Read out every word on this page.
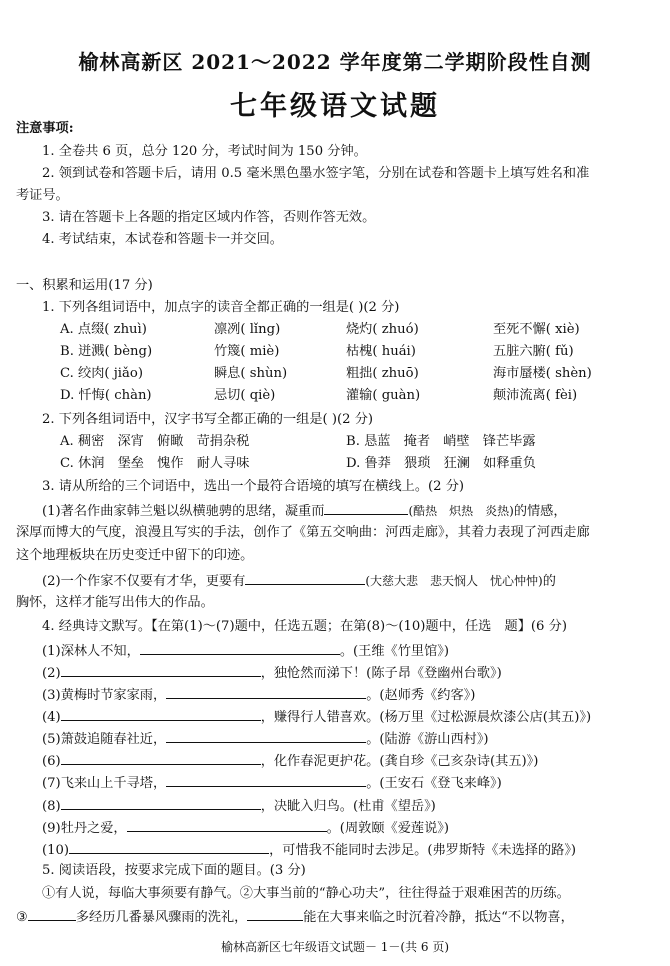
榆林高新区 2021～2022 学年度第二学期阶段性自测
七年级语文试题
注意事项:
1. 全卷共 6 页，总分 120 分，考试时间为 150 分钟。
2. 领到试卷和答题卡后，请用 0.5 毫米黑色墨水签字笔，分别在试卷和答题卡上填写姓名和准
考证号。
3. 请在答题卡上各题的指定区域内作答，否则作答无效。
4. 考试结束，本试卷和答题卡一并交回。
一、积累和运用(17 分)
1. 下列各组词语中，加点字的读音全都正确的一组是( )(2 分)
A. 点缀( zhuì)	凛冽( lǐng)	烧灼( zhuó)	至死不懈( xiè)
B. 迸溅( bèng)	竹篾( miè)	枯槐( huái)	五脏六腑( fǔ)
C. 绞肉( jiǎo)	瞬息( shùn)	粗拙( zhuō)	海市蜃楼( shèn)
D. 忏悔( chàn)	忌切( qiè)	灌输( guàn)	颠沛流离( fèi)
2. 下列各组词语中，汉字书写全都正确的一组是( )(2 分)
A. 稠密　深宵　俯瞰　苛捐杂税	B. 恳蓝　掩者　峭壁　锋芒毕露
C. 休润　堡垒　愧作　耐人寻味	D. 鲁莽　猥琐　狂澜　如释重负
3. 请从所给的三个词语中，选出一个最符合语境的填写在横线上。(2 分)
(1)著名作曲家韩兰魁以纵横驰骋的思绪，凝重而	(酷热　炽热　炎热)的情感，
深厚而博大的气度，浪漫且写实的手法，创作了《第五交响曲：河西走廊》，其着力表现了河西走廊
这个地理板块在历史变迁中留下的印迹。
(2)一个作家不仅要有才华，更要有	(大慈大悲　悲天悯人　忧心忡忡)的
胸怀，这样才能写出伟大的作品。
4. 经典诗文默写。【在第(1)～(7)题中，任选五题；在第(8)～(10)题中，任选　题】(6 分)
(1)深林人不知，	。(王维《竹里馆》)
(2)	，独怆然而涕下！(陈子昂《登幽州台歌》)
(3)黄梅时节家家雨，	。(赵师秀《约客》)
(4)	，赚得行人错喜欢。(杨万里《过松源晨炊漆公店(其五)》)
(5)箫鼓追随春社近，	。(陆游《游山西村》)
(6)	，化作春泥更护花。(龚自珍《己亥杂诗(其五)》)
(7)飞来山上千寻塔，	。(王安石《登飞来峰》)
(8)	，决眦入归鸟。(杜甫《望岳》)
(9)牡丹之爱，	。(周敦颐《爱莲说》)
(10)	，可惜我不能同时去涉足。(弗罗斯特《未选择的路》)
5. 阅读语段，按要求完成下面的题目。(3 分)
①有人说，每临大事须要有静气。②大事当前的“静心功夫”，往往得益于艰难困苦的历练。
③	多经历几番暴风骤雨的洗礼，	能在大事来临之时沉着冷静，抵达“不以物喜，
榆林高新区七年级语文试题－ 1－(共 6 页)
